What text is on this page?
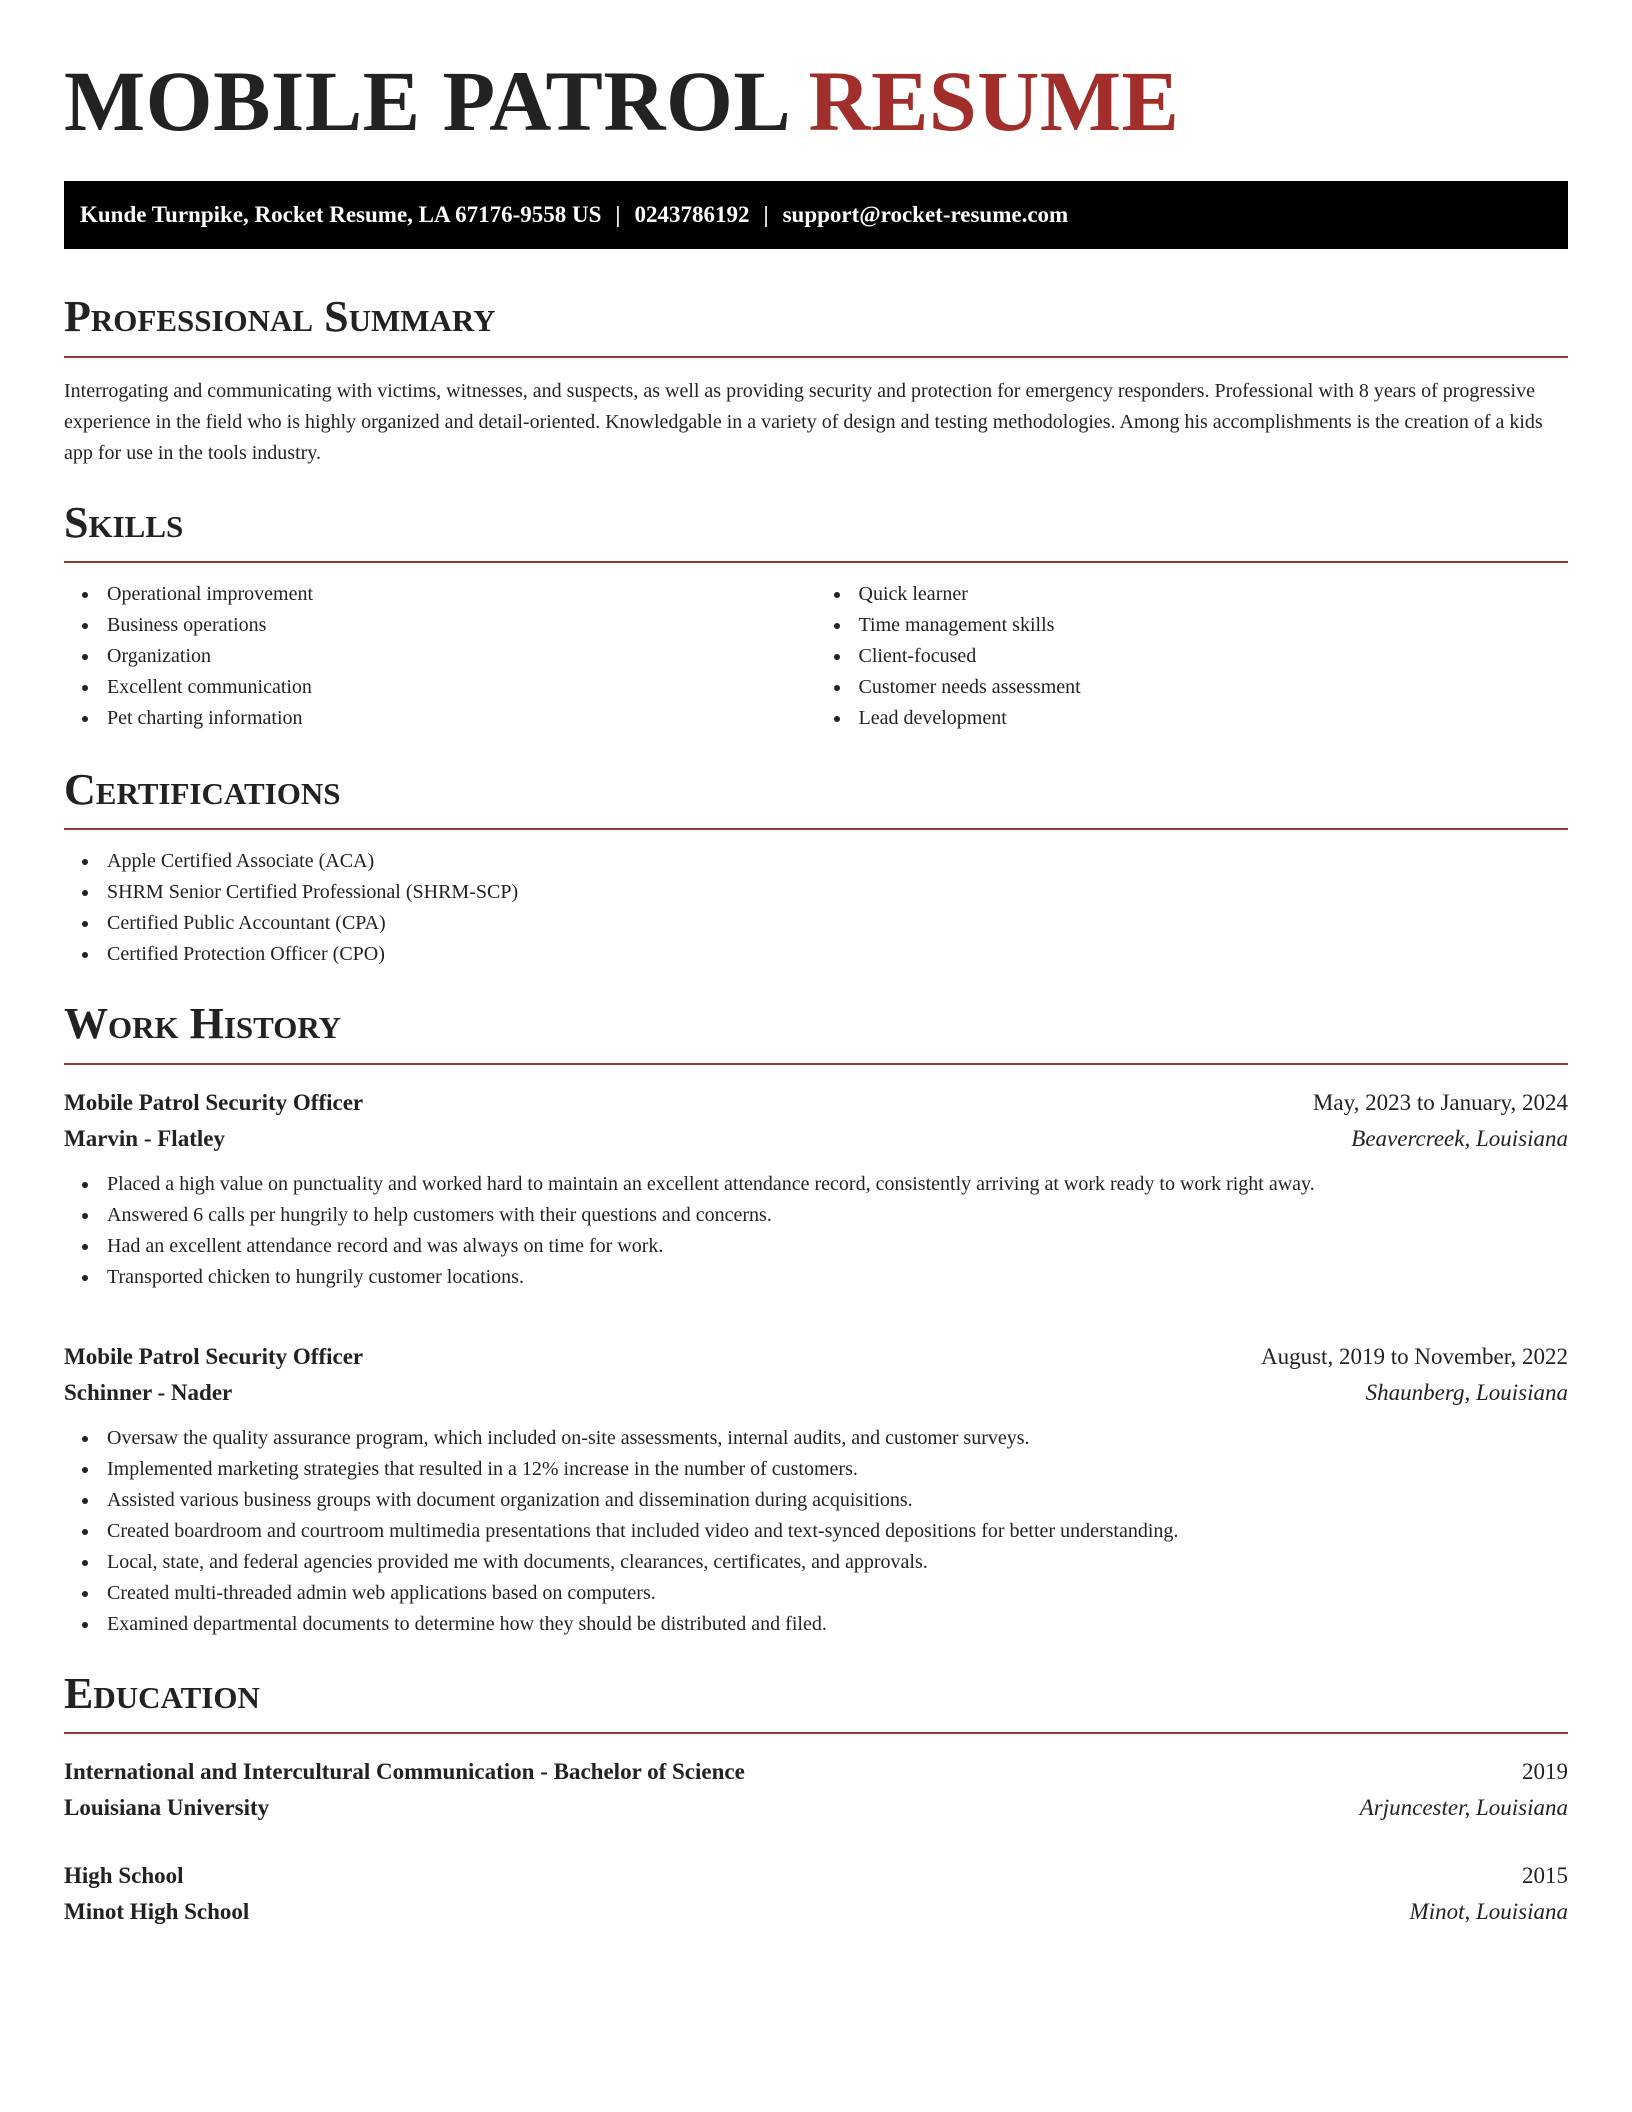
MOBILE PATROL RESUME
Kunde Turnpike, Rocket Resume, LA 67176-9558 US | 0243786192 | support@rocket-resume.com
Professional Summary

Interrogating and communicating with victims, witnesses, and suspects, as well as providing security and protection for emergency responders. Professional with 8 years of progressive experience in the field who is highly organized and detail-oriented. Knowledgable in a variety of design and testing methodologies. Among his accomplishments is the creation of a kids app for use in the tools industry.

Skills
Operational improvement
Business operations
Organization
Excellent communication
Pet charting information
Quick learner
Time management skills
Client-focused
Customer needs assessment
Lead development
Certifications
Apple Certified Associate (ACA)
SHRM Senior Certified Professional (SHRM-SCP)
Certified Public Accountant (CPA)
Certified Protection Officer (CPO)
Work History
Mobile Patrol Security Officer	May, 2023 to January, 2024
Marvin - Flatley	Beavercreek, Louisiana
Placed a high value on punctuality and worked hard to maintain an excellent attendance record, consistently arriving at work ready to work right away.
Answered 6 calls per hungrily to help customers with their questions and concerns.
Had an excellent attendance record and was always on time for work.
Transported chicken to hungrily customer locations.
Mobile Patrol Security Officer	August, 2019 to November, 2022
Schinner - Nader	Shaunberg, Louisiana
Oversaw the quality assurance program, which included on-site assessments, internal audits, and customer surveys.
Implemented marketing strategies that resulted in a 12% increase in the number of customers.
Assisted various business groups with document organization and dissemination during acquisitions.
Created boardroom and courtroom multimedia presentations that included video and text-synced depositions for better understanding.
Local, state, and federal agencies provided me with documents, clearances, certificates, and approvals.
Created multi-threaded admin web applications based on computers.
Examined departmental documents to determine how they should be distributed and filed.
Education
International and Intercultural Communication - Bachelor of Science	2019
Louisiana University	Arjuncester, Louisiana
High School	2015
Minot High School	Minot, Louisiana
